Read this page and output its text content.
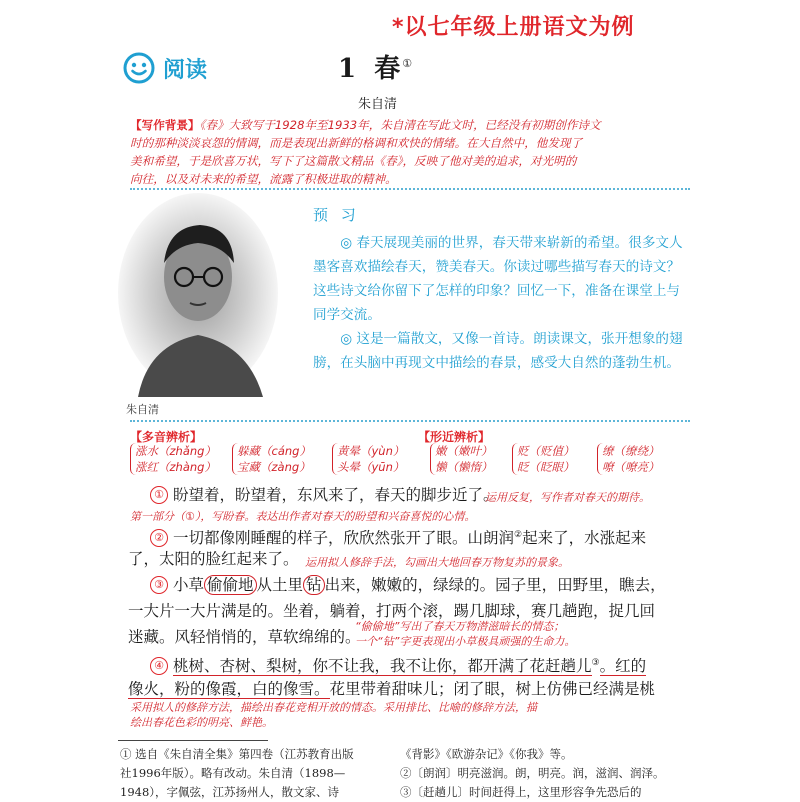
*以七年级上册语文为例
阅读	1 春 ①
朱自清
【写作背景】《春》大致写于1928年至1933年，朱自清在写此文时，已经没有初期创作诗文
时的那种淡淡哀怨的情调，而是表现出新鲜的格调和欢快的情绪。在大自然中，他发现了
美和希望，于是欣喜万状，写下了这篇散文精品《春》，反映了他对美的追求，对光明的
向往，以及对未来的希望，流露了积极进取的精神。
朱自清
预 习

◎ 春天展现美丽的世界，春天带来崭新的希望。很多文人墨客喜欢描绘春天，赞美春天。你读过哪些描写春天的诗文？这些诗文给你留下了怎样的印象？回忆一下，准备在课堂上与同学交流。

◎ 这是一篇散文，又像一首诗。朗读课文，张开想象的翅膀，在头脑中再现文中描绘的春景，感受大自然的蓬勃生机。

【多音辨析】	【形近辨析】
涨水（zhǎng）
涨红（zhàng）
躲藏（cáng）
宝藏（zàng）
黄晕（yùn）
头晕（yūn）
嫩（嫩叶）
懒（懒惰）
贬（贬值）
眨（眨眼）
缭（缭绕）
嘹（嘹亮）
① 盼望着，盼望着，东风来了，春天的脚步近了。
运用反复，写作者对春天的期待。
第一部分（①），写盼春。表达出作者对春天的盼望和兴奋喜悦的心情。
② 一切都像刚睡醒的样子，欣欣然张开了眼。山朗润②起来了，水涨起来
了，太阳的脸红起来了。 运用拟人修辞手法，勾画出大地回春万物复苏的景象。
③ 小草 偷偷地 从土里 钻 出来，嫩嫩的，绿绿的。园子里，田野里，瞧去，
一大片一大片满是的。坐着，躺着，打两个滚，踢几脚球，赛几趟跑，捉几回
迷藏。风轻悄悄的，草软绵绵的。
“偷偷地”写出了春天万物潜滋暗长的情态；
一个“钻”字更表现出小草极具顽强的生命力。
④ 桃树、杏树、梨树，你不让我，我不让你，都开满了花赶趟儿③。红的
像火，粉的像霞，白的像雪。花里带着甜味儿；闭了眼，树上仿佛已经满是桃
采用拟人的修辞方法，描绘出春花竞相开放的情态。采用排比、比喻的修辞方法，描
绘出春花色彩的明亮、鲜艳。
① 选自《朱自清全集》第四卷（江苏教育出版
社1996年版）。略有改动。朱自清（1898—
1948），字佩弦，江苏扬州人，散文家、诗
《背影》《欧游杂记》《你我》等。
②〔朗润〕明亮滋润。朗，明亮。润，滋润、润泽。
③〔赶趟儿〕时间赶得上，这里形容争先恐后的
